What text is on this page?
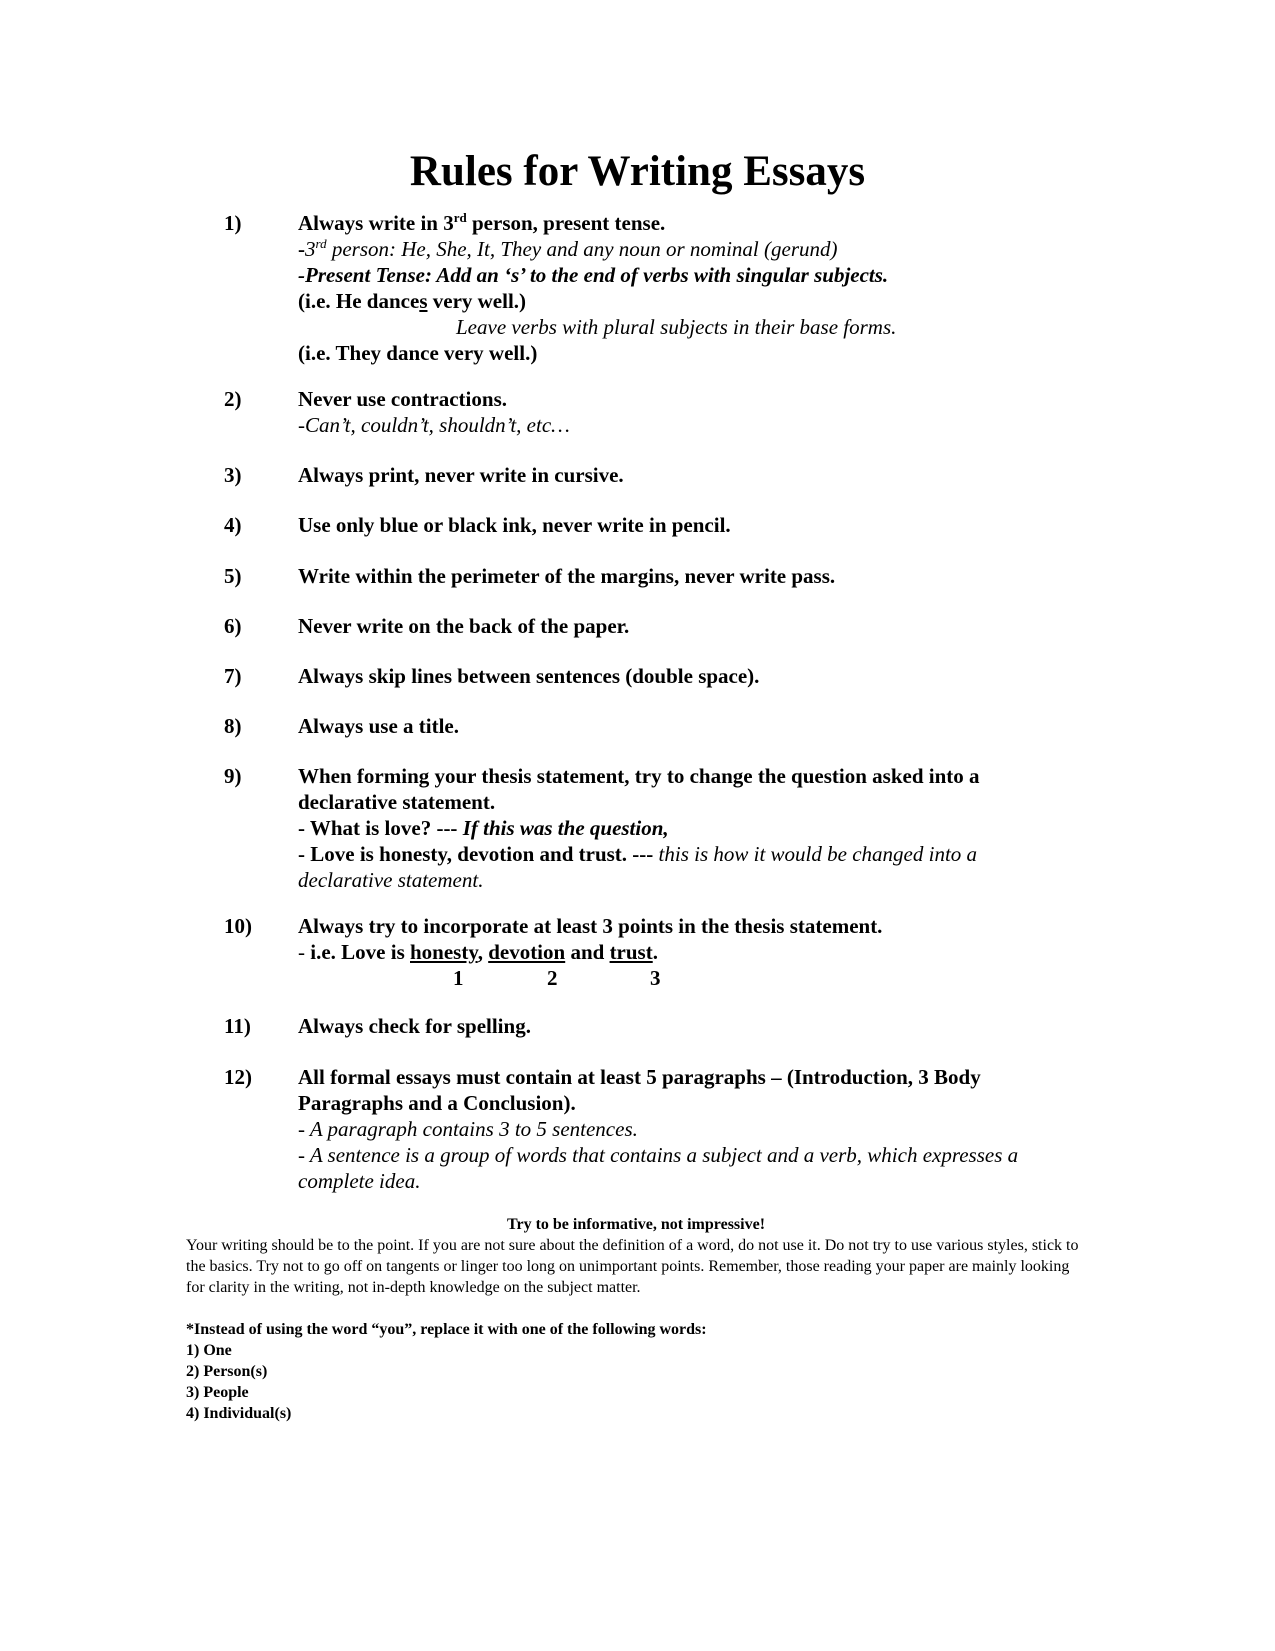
Rules for Writing Essays
1)	Always write in 3rd person, present tense.
-3rd person: He, She, It, They and any noun or nominal (gerund)
-Present Tense: Add an ‘s’ to the end of verbs with singular subjects.
(i.e. He dances very well.)
Leave verbs with plural subjects in their base forms.
(i.e. They dance very well.)
2)	Never use contractions.
-Can’t, couldn’t, shouldn’t, etc…
3)	Always print, never write in cursive.
4)	Use only blue or black ink, never write in pencil.
5)	Write within the perimeter of the margins, never write pass.
6)	Never write on the back of the paper.
7)	Always skip lines between sentences (double space).
8)	Always use a title.
9)	When forming your thesis statement, try to change the question asked into a declarative statement.
- What is love? --- If this was the question,
- Love is honesty, devotion and trust. --- this is how it would be changed into a declarative statement.
10) Always try to incorporate at least 3 points in the thesis statement.
- i.e. Love is honesty, devotion and trust.
1	2	3
11) Always check for spelling.
12) All formal essays must contain at least 5 paragraphs – (Introduction, 3 Body Paragraphs and a Conclusion).
- A paragraph contains 3 to 5 sentences.
- A sentence is a group of words that contains a subject and a verb, which expresses a complete idea.
Try to be informative, not impressive!
Your writing should be to the point. If you are not sure about the definition of a word, do not use it. Do not try to use various styles, stick to the basics. Try not to go off on tangents or linger too long on unimportant points. Remember, those reading your paper are mainly looking for clarity in the writing, not in-depth knowledge on the subject matter.
*Instead of using the word “you”, replace it with one of the following words:
1) One
2) Person(s)
3) People
4) Individual(s)
